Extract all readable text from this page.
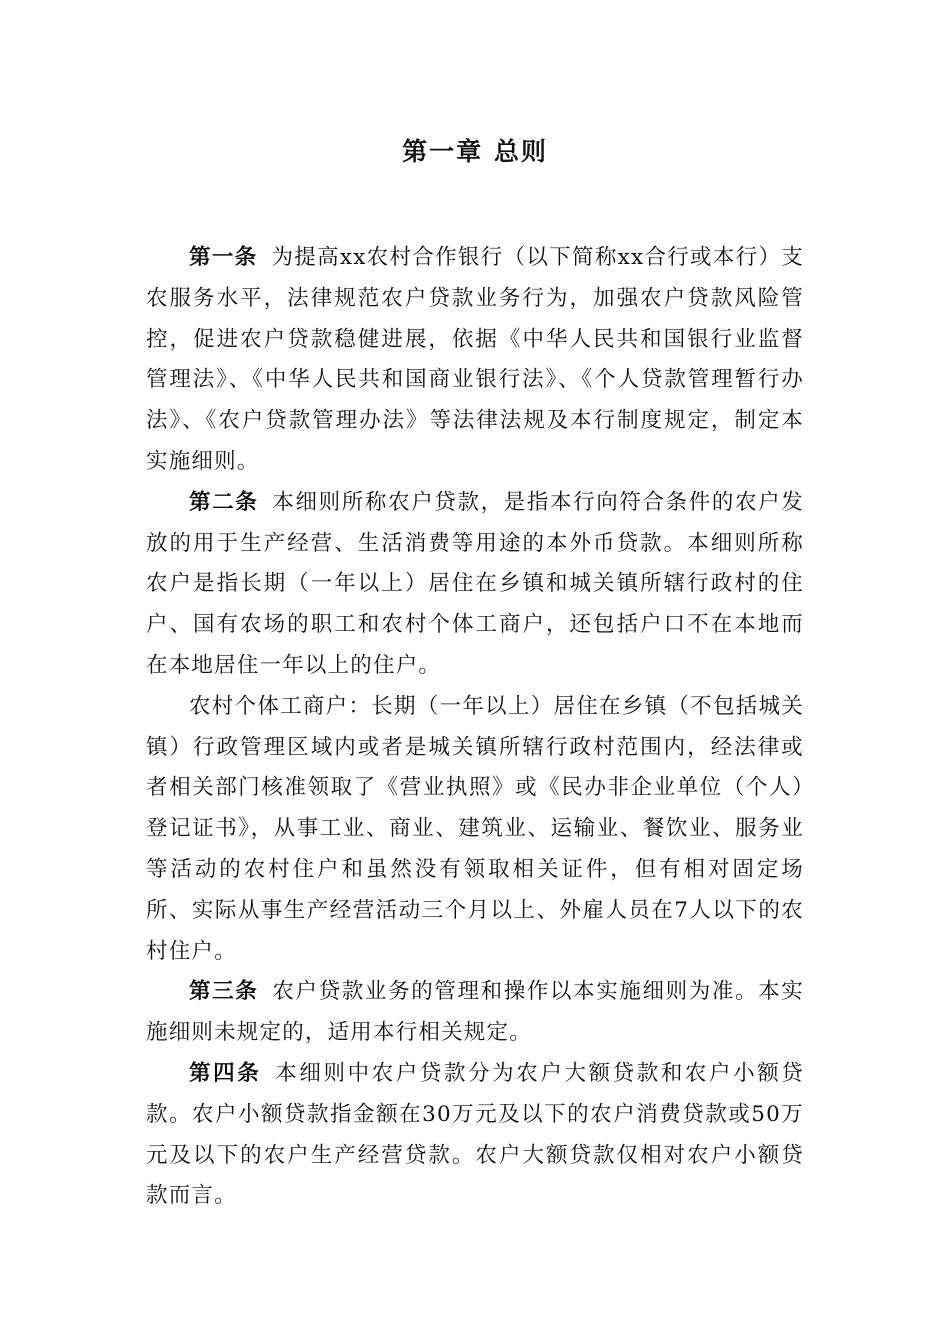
第一章 总则

第一条 为提高xx农村合作银行（以下简称xx合行或本行）支农服务水平，法律规范农户贷款业务行为，加强农户贷款风险管控，促进农户贷款稳健进展，依据《中华人民共和国银行业监督管理法》、《中华人民共和国商业银行法》、《个人贷款管理暂行办法》、《农户贷款管理办法》等法律法规及本行制度规定，制定本实施细则。

第二条 本细则所称农户贷款，是指本行向符合条件的农户发放的用于生产经营、生活消费等用途的本外币贷款。本细则所称农户是指长期（一年以上）居住在乡镇和城关镇所辖行政村的住户、国有农场的职工和农村个体工商户，还包括户口不在本地而在本地居住一年以上的住户。

农村个体工商户：长期（一年以上）居住在乡镇（不包括城关镇）行政管理区域内或者是城关镇所辖行政村范围内，经法律或者相关部门核准领取了《营业执照》或《民办非企业单位（个人）登记证书》，从事工业、商业、建筑业、运输业、餐饮业、服务业等活动的农村住户和虽然没有领取相关证件，但有相对固定场所、实际从事生产经营活动三个月以上、外雇人员在7人以下的农村住户。

第三条 农户贷款业务的管理和操作以本实施细则为准。本实施细则未规定的，适用本行相关规定。

第四条 本细则中农户贷款分为农户大额贷款和农户小额贷款。农户小额贷款指金额在30万元及以下的农户消费贷款或50万元及以下的农户生产经营贷款。农户大额贷款仅相对农户小额贷款而言。
